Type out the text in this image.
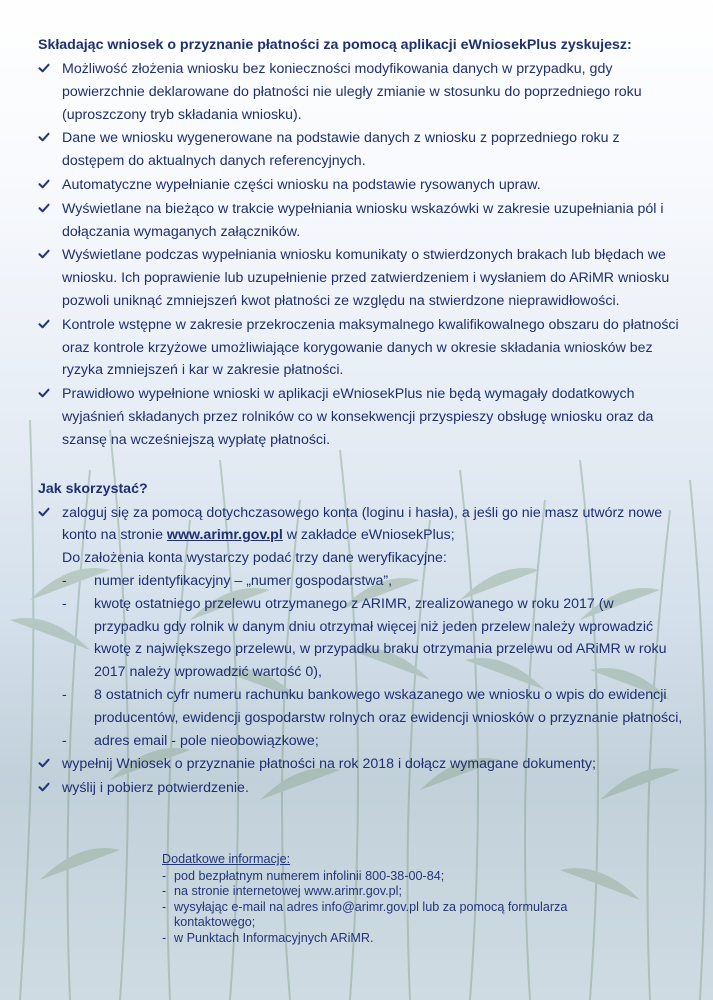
Składając wniosek o przyznanie płatności za pomocą aplikacji eWniosekPlus zyskujesz:
Możliwość złożenia wniosku bez konieczności modyfikowania danych w przypadku, gdy powierzchnie deklarowane do płatności nie uległy zmianie w stosunku do poprzedniego roku (uproszczony tryb składania wniosku).
Dane we wniosku wygenerowane na podstawie danych z wniosku z poprzedniego roku z dostępem do aktualnych danych referencyjnych.
Automatyczne wypełnianie części wniosku na podstawie rysowanych upraw.
Wyświetlane na bieżąco w trakcie wypełniania wniosku wskazówki w zakresie uzupełniania pól i dołączania wymaganych załączników.
Wyświetlane podczas wypełniania wniosku komunikaty o stwierdzonych brakach lub błędach we wniosku. Ich poprawienie lub uzupełnienie przed zatwierdzeniem i wysłaniem do ARiMR wniosku pozwoli uniknąć zmniejszeń kwot płatności ze względu na stwierdzone nieprawidłowości.
Kontrole wstępne w zakresie przekroczenia maksymalnego kwalifikowalnego obszaru do płatności oraz kontrole krzyżowe umożliwiające korygowanie danych w okresie składania wniosków bez ryzyka zmniejszeń i kar w zakresie płatności.
Prawidłowo wypełnione wnioski w aplikacji eWniosekPlus nie będą wymagały dodatkowych wyjaśnień składanych przez rolników co w konsekwencji przyspieszy obsługę wniosku oraz da szansę na wcześniejszą wypłatę płatności.
Jak skorzystać?
zaloguj się za pomocą dotychczasowego konta (loginu i hasła), a jeśli go nie masz utwórz nowe konto na stronie www.arimr.gov.pl w zakładce eWniosekPlus;
Do założenia konta wystarczy podać trzy dane weryfikacyjne:
- numer identyfikacyjny – „numer gospodarstwa”,
- kwotę ostatniego przelewu otrzymanego z ARIMR, zrealizowanego w roku 2017 (w przypadku gdy rolnik w danym dniu otrzymał więcej niż jeden przelew należy wprowadzić kwotę z największego przelewu, w przypadku braku otrzymania przelewu od ARiMR w roku 2017 należy wprowadzić wartość 0),
- 8 ostatnich cyfr numeru rachunku bankowego wskazanego we wniosku o wpis do ewidencji producentów, ewidencji gospodarstw rolnych oraz ewidencji wniosków o przyznanie płatności,
- adres email - pole nieobowiązkowe;
wypełnij Wniosek o przyznanie płatności na rok 2018 i dołącz wymagane dokumenty;
wyślij i pobierz potwierdzenie.
Dodatkowe informacje:
- pod bezpłatnym numerem infolinii 800-38-00-84;
- na stronie internetowej www.arimr.gov.pl;
- wysyłając e-mail na adres info@arimr.gov.pl lub za pomocą formularza kontaktowego;
- w Punktach Informacyjnych ARiMR.
